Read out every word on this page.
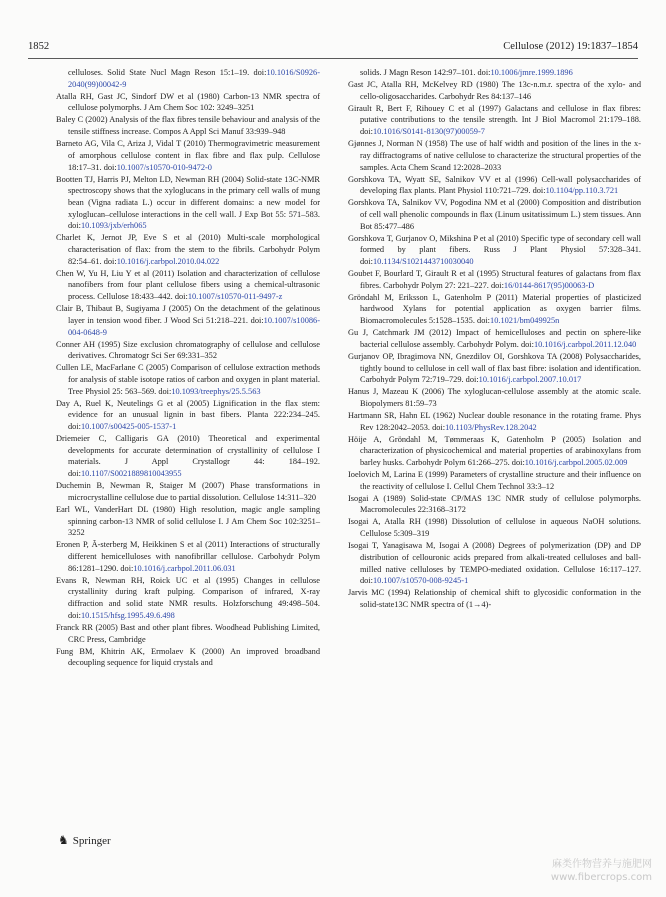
1852	Cellulose (2012) 19:1837–1854

celluloses. Solid State Nucl Magn Reson 15:1–19. doi:10.1016/S0926-2040(99)00042-9

Atalla RH, Gast JC, Sindorf DW et al (1980) Carbon-13 NMR spectra of cellulose polymorphs. J Am Chem Soc 102: 3249–3251

Baley C (2002) Analysis of the flax fibres tensile behaviour and analysis of the tensile stiffness increase. Compos A Appl Sci Manuf 33:939–948

Barneto AG, Vila C, Ariza J, Vidal T (2010) Thermogravimetric measurement of amorphous cellulose content in flax fibre and flax pulp. Cellulose 18:17–31. doi:10.1007/s10570-010-9472-0

Bootten TJ, Harris PJ, Melton LD, Newman RH (2004) Solid-state 13C-NMR spectroscopy shows that the xyloglucans in the primary cell walls of mung bean (Vigna radiata L.) occur in different domains: a new model for xyloglucan–cellulose interactions in the cell wall. J Exp Bot 55: 571–583. doi:10.1093/jxb/erh065

Charlet K, Jernot JP, Eve S et al (2010) Multi-scale morphological characterisation of flax: from the stem to the fibrils. Carbohydr Polym 82:54–61. doi:10.1016/j.carbpol.2010.04.022

Chen W, Yu H, Liu Y et al (2011) Isolation and characterization of cellulose nanofibers from four plant cellulose fibers using a chemical-ultrasonic process. Cellulose 18:433–442. doi:10.1007/s10570-011-9497-z

Clair B, Thibaut B, Sugiyama J (2005) On the detachment of the gelatinous layer in tension wood fiber. J Wood Sci 51:218–221. doi:10.1007/s10086-004-0648-9

Conner AH (1995) Size exclusion chromatography of cellulose and cellulose derivatives. Chromatogr Sci Ser 69:331–352

Cullen LE, MacFarlane C (2005) Comparison of cellulose extraction methods for analysis of stable isotope ratios of carbon and oxygen in plant material. Tree Physiol 25: 563–569. doi:10.1093/treephys/25.5.563

Day A, Ruel K, Neutelings G et al (2005) Lignification in the flax stem: evidence for an unusual lignin in bast fibers. Planta 222:234–245. doi:10.1007/s00425-005-1537-1

Driemeier C, Calligaris GA (2010) Theoretical and experimental developments for accurate determination of crystallinity of cellulose I materials. J Appl Crystallogr 44: 184–192. doi:10.1107/S0021889810043955

Duchemin B, Newman R, Staiger M (2007) Phase transformations in microcrystalline cellulose due to partial dissolution. Cellulose 14:311–320

Earl WL, VanderHart DL (1980) High resolution, magic angle sampling spinning carbon-13 NMR of solid cellulose I. J Am Chem Soc 102:3251–3252

Eronen P, Ã-sterberg M, Heikkinen S et al (2011) Interactions of structurally different hemicelluloses with nanofibrillar cellulose. Carbohydr Polym 86:1281–1290. doi:10.1016/j.carbpol.2011.06.031

Evans R, Newman RH, Roick UC et al (1995) Changes in cellulose crystallinity during kraft pulping. Comparison of infrared, X-ray diffraction and solid state NMR results. Holzforschung 49:498–504. doi:10.1515/hfsg.1995.49.6.498

Franck RR (2005) Bast and other plant fibres. Woodhead Publishing Limited, CRC Press, Cambridge

Fung BM, Khitrin AK, Ermolaev K (2000) An improved broadband decoupling sequence for liquid crystals and

solids. J Magn Reson 142:97–101. doi:10.1006/jmre.1999.1896

Gast JC, Atalla RH, McKelvey RD (1980) The 13c-n.m.r. spectra of the xylo- and cello-oligosaccharides. Carbohydr Res 84:137–146

Girault R, Bert F, Rihouey C et al (1997) Galactans and cellulose in flax fibres: putative contributions to the tensile strength. Int J Biol Macromol 21:179–188. doi:10.1016/S0141-8130(97)00059-7

Gjønnes J, Norman N (1958) The use of half width and position of the lines in the x-ray diffractograms of native cellulose to characterize the structural properties of the samples. Acta Chem Scand 12:2028–2033

Gorshkova TA, Wyatt SE, Salnikov VV et al (1996) Cell-wall polysaccharides of developing flax plants. Plant Physiol 110:721–729. doi:10.1104/pp.110.3.721

Gorshkova TA, Salnikov VV, Pogodina NM et al (2000) Composition and distribution of cell wall phenolic compounds in flax (Linum usitatissimum L.) stem tissues. Ann Bot 85:477–486

Gorshkova T, Gurjanov O, Mikshina P et al (2010) Specific type of secondary cell wall formed by plant fibers. Russ J Plant Physiol 57:328–341. doi:10.1134/S1021443710030040

Goubet F, Bourlard T, Girault R et al (1995) Structural features of galactans from flax fibres. Carbohydr Polym 27: 221–227. doi:16/0144-8617(95)00063-D

Gröndahl M, Eriksson L, Gatenholm P (2011) Material properties of plasticized hardwood Xylans for potential application as oxygen barrier films. Biomacromolecules 5:1528–1535. doi:10.1021/bm049925n

Gu J, Catchmark JM (2012) Impact of hemicelluloses and pectin on sphere-like bacterial cellulose assembly. Carbohydr Polym. doi:10.1016/j.carbpol.2011.12.040

Gurjanov OP, Ibragimova NN, Gnezdilov OI, Gorshkova TA (2008) Polysaccharides, tightly bound to cellulose in cell wall of flax bast fibre: isolation and identification. Carbohydr Polym 72:719–729. doi:10.1016/j.carbpol.2007.10.017

Hanus J, Mazeau K (2006) The xyloglucan-cellulose assembly at the atomic scale. Biopolymers 81:59–73

Hartmann SR, Hahn EL (1962) Nuclear double resonance in the rotating frame. Phys Rev 128:2042–2053. doi:10.1103/PhysRev.128.2042

Höije A, Gröndahl M, Tømmeraas K, Gatenholm P (2005) Isolation and characterization of physicochemical and material properties of arabinoxylans from barley husks. Carbohydr Polym 61:266–275. doi:10.1016/j.carbpol.2005.02.009

Ioelovich M, Larina E (1999) Parameters of crystalline structure and their influence on the reactivity of cellulose I. Cellul Chem Technol 33:3–12

Isogai A (1989) Solid-state CP/MAS 13C NMR study of cellulose polymorphs. Macromolecules 22:3168–3172

Isogai A, Atalla RH (1998) Dissolution of cellulose in aqueous NaOH solutions. Cellulose 5:309–319

Isogai T, Yanagisawa M, Isogai A (2008) Degrees of polymerization (DP) and DP distribution of cellouronic acids prepared from alkali-treated celluloses and ball-milled native celluloses by TEMPO-mediated oxidation. Cellulose 16:117–127. doi:10.1007/s10570-008-9245-1

Jarvis MC (1994) Relationship of chemical shift to glycosidic conformation in the solid-state13C NMR spectra of (1→4)-

♞ Springer
麻类作物营养与施肥网
www.fibercrops.com
